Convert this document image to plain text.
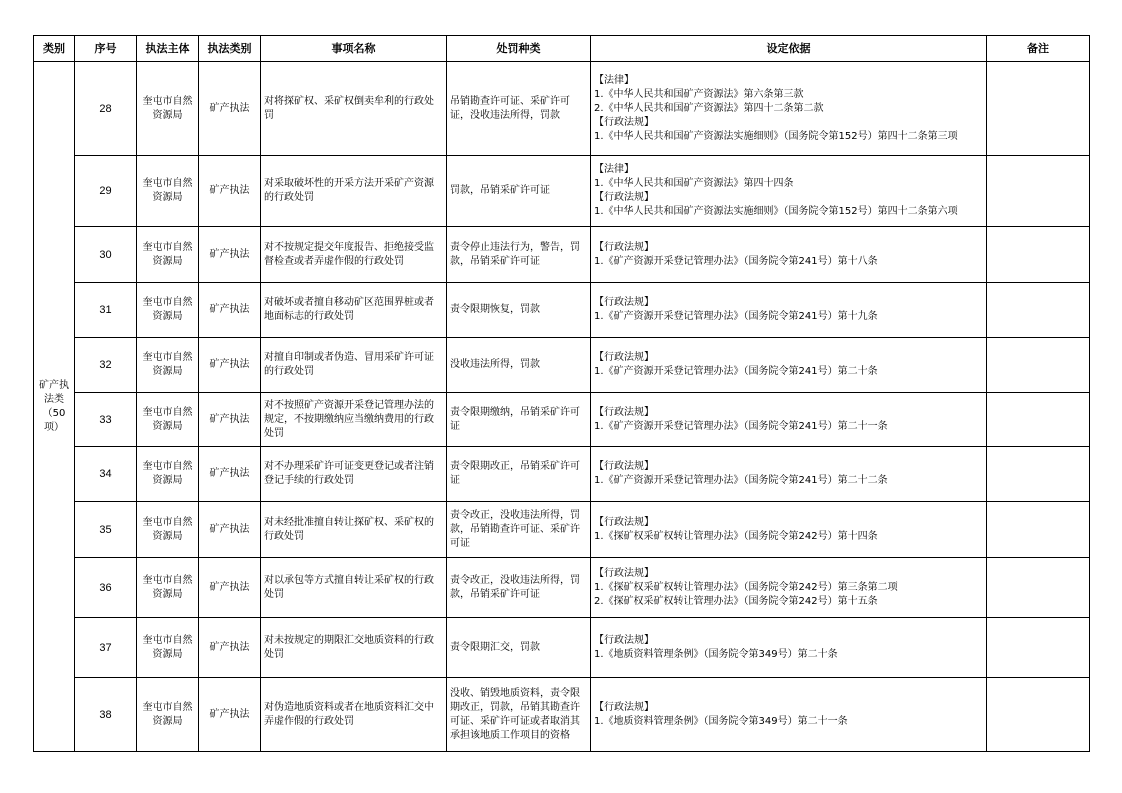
类别	序号	执法主体	执法类别	事项名称	处罚种类	设定依据	备注
矿产执法类（50项）	28	奎屯市自然资源局	矿产执法	对将探矿权、采矿权倒卖牟利的行政处罚	吊销勘查许可证、采矿许可证，没收违法所得，罚款	【法律】
1.《中华人民共和国矿产资源法》第六条第三款
2.《中华人民共和国矿产资源法》第四十二条第二款
【行政法规】
1.《中华人民共和国矿产资源法实施细则》（国务院令第152号）第四十二条第三项	

	29	奎屯市自然资源局	矿产执法	对采取破坏性的开采方法开采矿产资源的行政处罚	罚款，吊销采矿许可证	【法律】
1.《中华人民共和国矿产资源法》第四十四条
【行政法规】
1.《中华人民共和国矿产资源法实施细则》（国务院令第152号）第四十二条第六项	

	30	奎屯市自然资源局	矿产执法	对不按规定提交年度报告、拒绝接受监督检查或者弄虚作假的行政处罚	责令停止违法行为，警告，罚款，吊销采矿许可证	【行政法规】
1.《矿产资源开采登记管理办法》（国务院令第241号）第十八条	

	31	奎屯市自然资源局	矿产执法	对破坏或者擅自移动矿区范围界桩或者地面标志的行政处罚	责令限期恢复，罚款	【行政法规】
1.《矿产资源开采登记管理办法》（国务院令第241号）第十九条	

	32	奎屯市自然资源局	矿产执法	对擅自印制或者伪造、冒用采矿许可证的行政处罚	没收违法所得，罚款	【行政法规】
1.《矿产资源开采登记管理办法》（国务院令第241号）第二十条	

	33	奎屯市自然资源局	矿产执法	对不按照矿产资源开采登记管理办法的规定，不按期缴纳应当缴纳费用的行政处罚	责令限期缴纳，吊销采矿许可证	【行政法规】
1.《矿产资源开采登记管理办法》（国务院令第241号）第二十一条	

	34	奎屯市自然资源局	矿产执法	对不办理采矿许可证变更登记或者注销登记手续的行政处罚	责令限期改正，吊销采矿许可证	【行政法规】
1.《矿产资源开采登记管理办法》（国务院令第241号）第二十二条	

	35	奎屯市自然资源局	矿产执法	对未经批准擅自转让探矿权、采矿权的行政处罚	责令改正，没收违法所得，罚款，吊销勘查许可证、采矿许可证	【行政法规】
1.《探矿权采矿权转让管理办法》（国务院令第242号）第十四条	

	36	奎屯市自然资源局	矿产执法	对以承包等方式擅自转让采矿权的行政处罚	责令改正，没收违法所得，罚款，吊销采矿许可证	【行政法规】
1.《探矿权采矿权转让管理办法》（国务院令第242号）第三条第二项
2.《探矿权采矿权转让管理办法》（国务院令第242号）第十五条	

	37	奎屯市自然资源局	矿产执法	对未按规定的期限汇交地质资料的行政处罚	责令限期汇交，罚款	【行政法规】
1.《地质资料管理条例》（国务院令第349号）第二十条	

	38	奎屯市自然资源局	矿产执法	对伪造地质资料或者在地质资料汇交中弄虚作假的行政处罚	没收、销毁地质资料，责令限期改正，罚款，吊销其勘查许可证、采矿许可证或者取消其承担该地质工作项目的资格	【行政法规】
1.《地质资料管理条例》（国务院令第349号）第二十一条	
